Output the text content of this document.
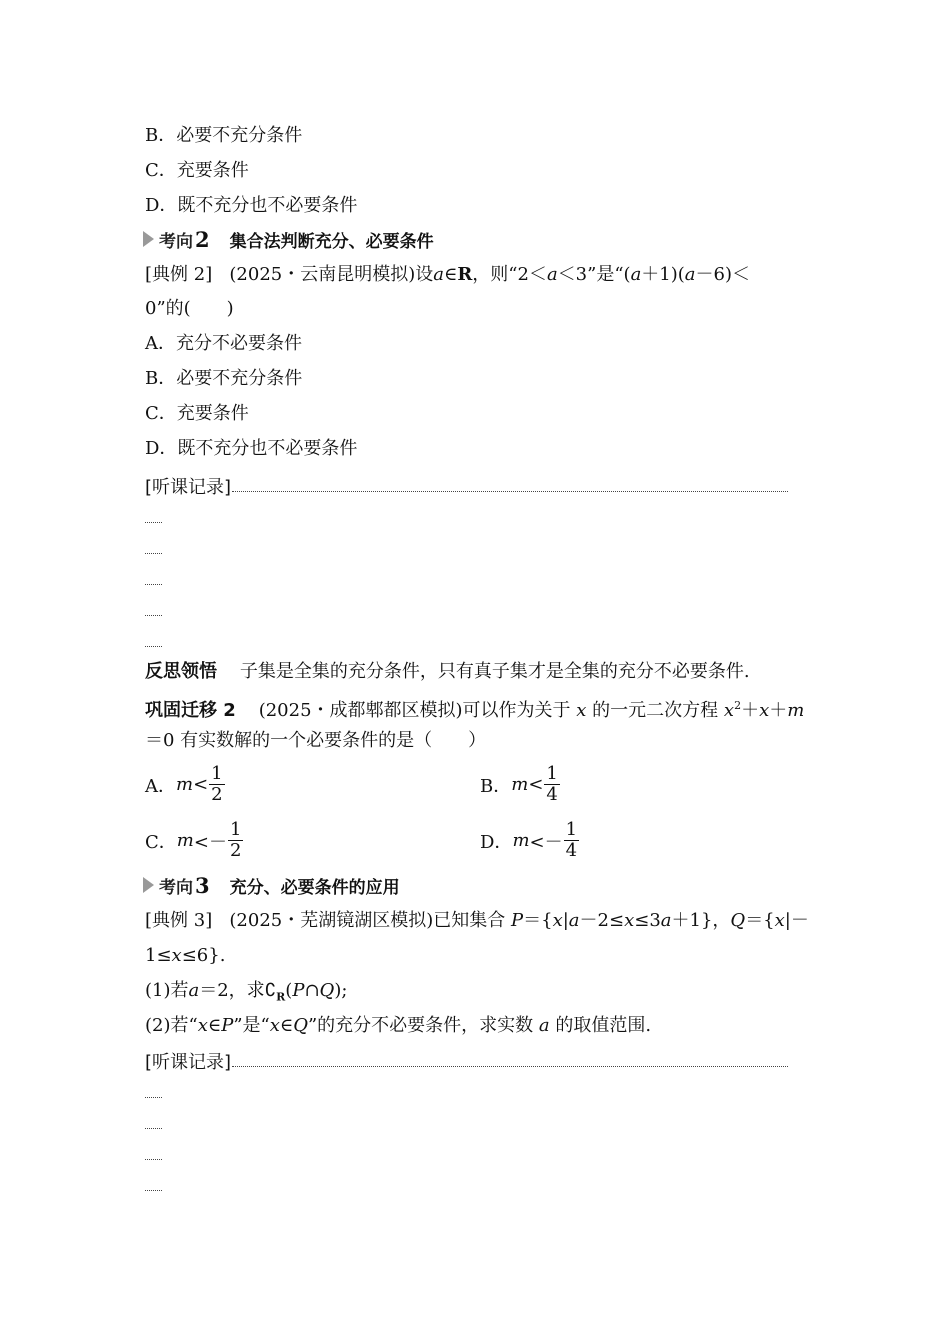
B．必要不充分条件
C．充要条件
D．既不充分也不必要条件
考向 2 集合法判断充分、必要条件
[典例 2] (2025・云南昆明模拟)设a∈R，则“2＜a＜3”是“(a＋1)(a－6)＜
0”的(　　)
A．充分不必要条件
B．必要不充分条件
C．充要条件
D．既不充分也不必要条件
[听课记录]
反思领悟 子集是全集的充分条件，只有真子集才是全集的充分不必要条件.
巩固迁移 2 (2025・成都郫都区模拟)可以作为关于 x 的一元二次方程 $x^2+x+m$
＝0 有实数解的一个必要条件的是（　　）
A． $m < \frac{1}{2}$	B． $m < \frac{1}{4}$
C． $m <- \frac{1}{2}$	D． $m <- \frac{1}{4}$
考向 3 充分、必要条件的应用
[典例 3] (2025・芜湖镜湖区模拟)已知集合 P＝{x|a－2≤x≤3a＋1}，Q＝{x|－
1≤x≤6}.
(1)若a＝2，求$∁_R(P\cap Q)$;
(2)若“x∈P”是“x∈Q”的充分不必要条件，求实数 a 的取值范围.
[听课记录]
